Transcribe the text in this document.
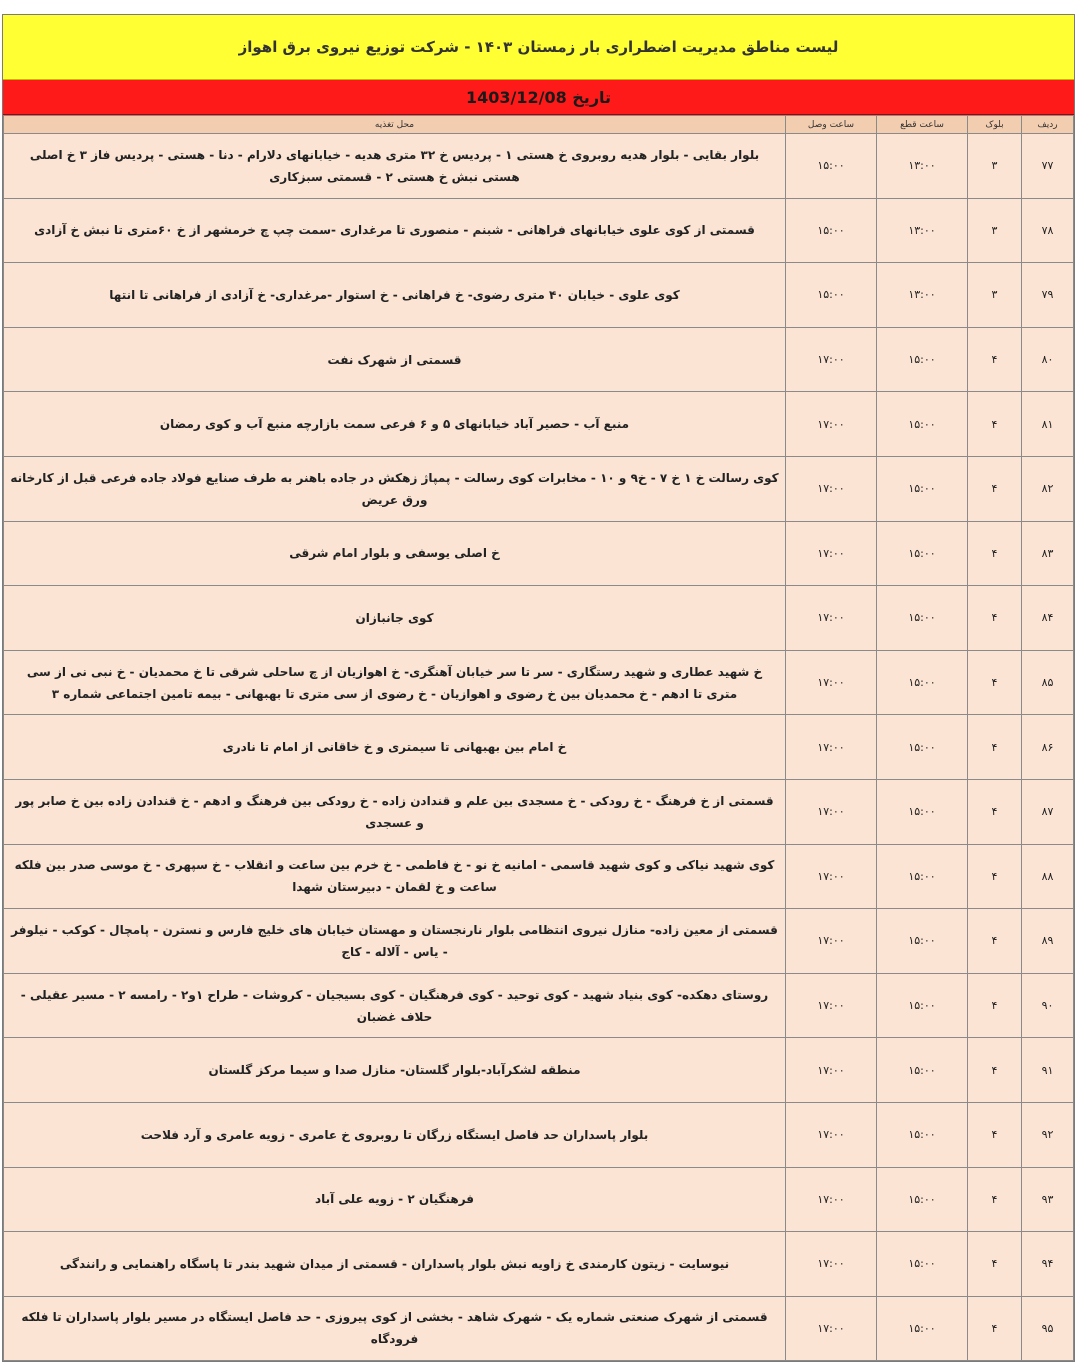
لیست مناطق مدیریت اضطراری بار زمستان ۱۴۰۳ - شرکت توزیع نیروی برق اهواز
تاریخ 1403/12/08
ردیف	بلوک	ساعت قطع	ساعت وصل	محل تغذیه
۷۷	۳	۱۳:۰۰	۱۵:۰۰	بلوار بقایی - بلوار هدیه روبروی خ هستی ۱ - پردیس خ ۳۲ متری هدیه - خیابانهای دلارام - دنا - هستی - پردیس فاز ۳ خ اصلی هستی نبش خ هستی ۲ - قسمتی سبزکاری
۷۸	۳	۱۳:۰۰	۱۵:۰۰	قسمتی از کوی علوی خیابانهای فراهانی - شبنم - منصوری تا مرغداری -سمت چپ چ خرمشهر از خ ۶۰متری تا نبش خ آزادی
۷۹	۳	۱۳:۰۰	۱۵:۰۰	کوی علوی - خیابان ۴۰ متری رضوی- خ فراهانی - خ استوار -مرغداری- خ آزادی از فراهانی تا انتها
۸۰	۴	۱۵:۰۰	۱۷:۰۰	قسمتی از شهرک نفت
۸۱	۴	۱۵:۰۰	۱۷:۰۰	منبع آب - حصیر آباد خیابانهای ۵ و ۶ فرعی سمت بازارچه منبع آب و کوی رمضان
۸۲	۴	۱۵:۰۰	۱۷:۰۰	کوی رسالت خ ۱ خ ۷ - خ۹ و ۱۰ - مخابرات کوی رسالت - پمپاژ زهکش در جاده باهنر به طرف صنایع فولاد جاده فرعی قبل از کارخانه ورق عریض
۸۳	۴	۱۵:۰۰	۱۷:۰۰	خ اصلی یوسفی و بلوار امام شرقی
۸۴	۴	۱۵:۰۰	۱۷:۰۰	کوی جانبازان
۸۵	۴	۱۵:۰۰	۱۷:۰۰	خ شهید عطاری و شهید رستگاری - سر تا سر خیابان آهنگری- خ اهوازیان از چ ساحلی شرقی تا خ محمدیان - خ نبی نی از سی متری تا ادهم - خ محمدیان بین خ رضوی و اهوازیان - خ رضوی از سی متری تا بهبهانی - بیمه تامین اجتماعی شماره ۳
۸۶	۴	۱۵:۰۰	۱۷:۰۰	خ امام بین بهبهانی تا سیمتری و خ خاقانی از امام تا نادری
۸۷	۴	۱۵:۰۰	۱۷:۰۰	قسمتی از خ فرهنگ - خ رودکی - خ مسجدی بین علم و قندادن زاده - خ رودکی بین فرهنگ و ادهم - خ قندادن زاده بین خ صابر پور و عسجدی
۸۸	۴	۱۵:۰۰	۱۷:۰۰	کوی شهید نیاکی و کوی شهید قاسمی - امانیه خ نو - خ فاطمی - خ خرم بین ساعت و انقلاب - خ سپهری - خ موسی صدر بین فلکه ساعت و خ لقمان - دبیرستان شهدا
۸۹	۴	۱۵:۰۰	۱۷:۰۰	قسمتی از معین زاده- منازل نیروی انتظامی بلوار نارنجستان و مهستان خیابان های خلیج فارس و نسترن - پامچال - کوکب - نیلوفر - یاس - آلاله - کاج
۹۰	۴	۱۵:۰۰	۱۷:۰۰	روستای دهکده- کوی بنیاد شهید - کوی توحید - کوی فرهنگیان - کوی بسیجیان - کروشات - طراح ۱و۲ - رامسه ۲ - مسیر عقیلی - حلاف غضبان
۹۱	۴	۱۵:۰۰	۱۷:۰۰	منطقه لشکرآباد-بلوار گلستان- منازل صدا و سیما مرکز گلستان
۹۲	۴	۱۵:۰۰	۱۷:۰۰	بلوار پاسداران حد فاصل ایستگاه زرگان تا روبروی خ عامری - زویه عامری و آرد فلاحت
۹۳	۴	۱۵:۰۰	۱۷:۰۰	فرهنگیان ۲ - زویه علی آباد
۹۴	۴	۱۵:۰۰	۱۷:۰۰	نیوسایت - زیتون کارمندی خ زاویه نبش بلوار پاسداران - قسمتی از میدان شهید بندر تا پاسگاه راهنمایی و رانندگی
۹۵	۴	۱۵:۰۰	۱۷:۰۰	قسمتی از شهرک صنعتی شماره یک - شهرک شاهد - بخشی از کوی پیروزی - حد فاصل ایستگاه در مسیر بلوار پاسداران تا فلکه فرودگاه
